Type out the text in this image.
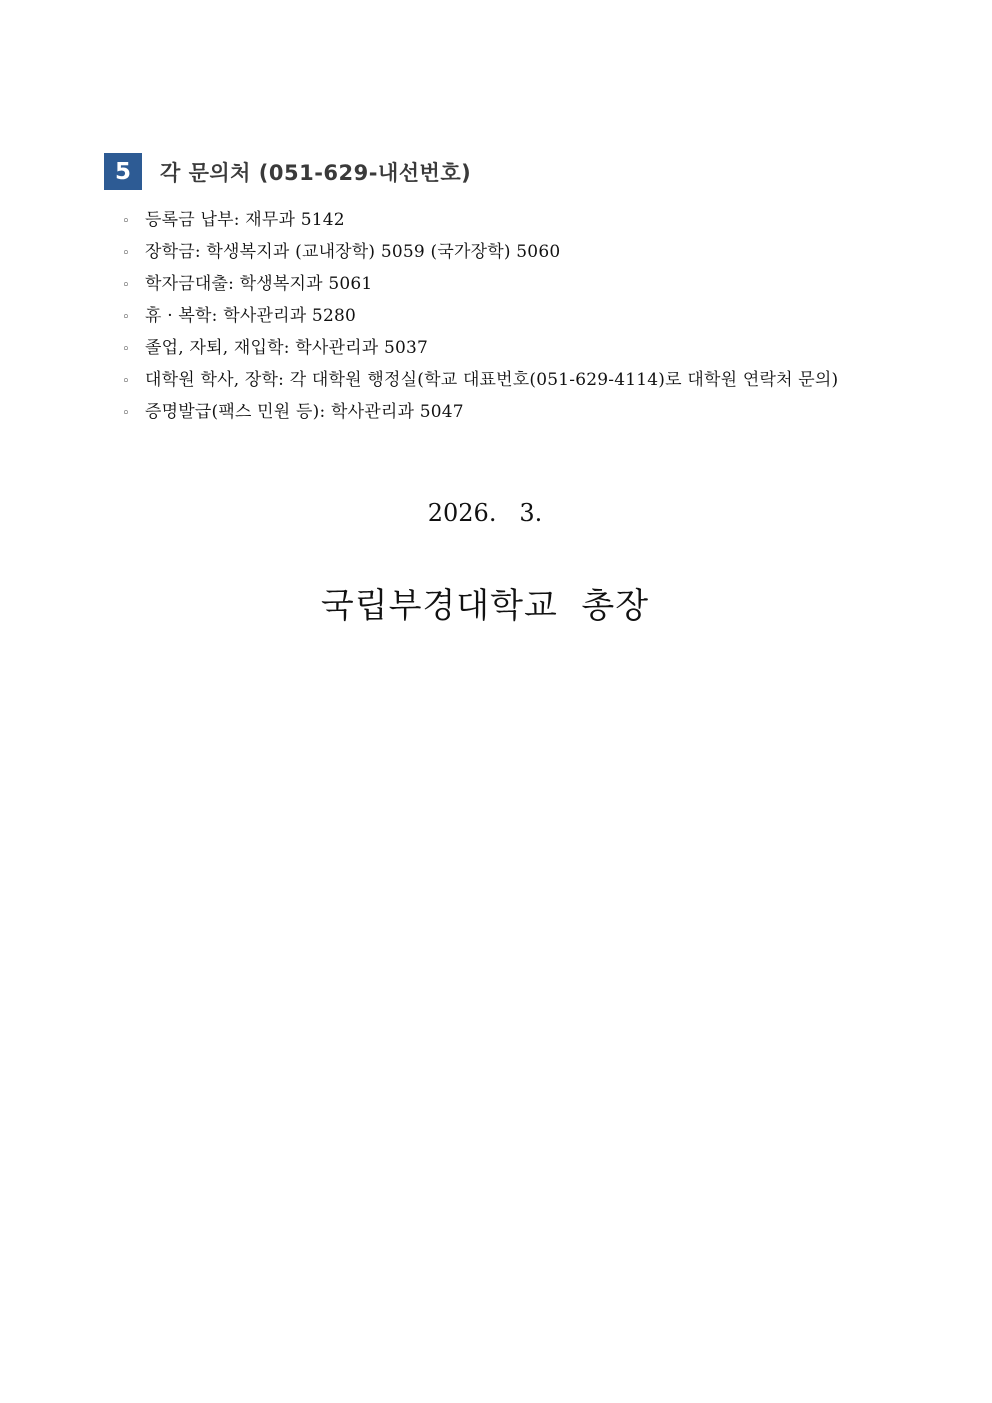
5	각 문의처 (051-629-내선번호)
◦ 등록금 납부: 재무과 5142
◦ 장학금: 학생복지과 (교내장학) 5059 (국가장학) 5060
◦ 학자금대출: 학생복지과 5061
◦ 휴 · 복학: 학사관리과 5280
◦ 졸업, 자퇴, 재입학: 학사관리과 5037
◦ 대학원 학사, 장학: 각 대학원 행정실(학교 대표번호(051-629-4114)로 대학원 연락처 문의)
◦ 증명발급(팩스 민원 등): 학사관리과 5047
2026.   3.
국립부경대학교  총장
